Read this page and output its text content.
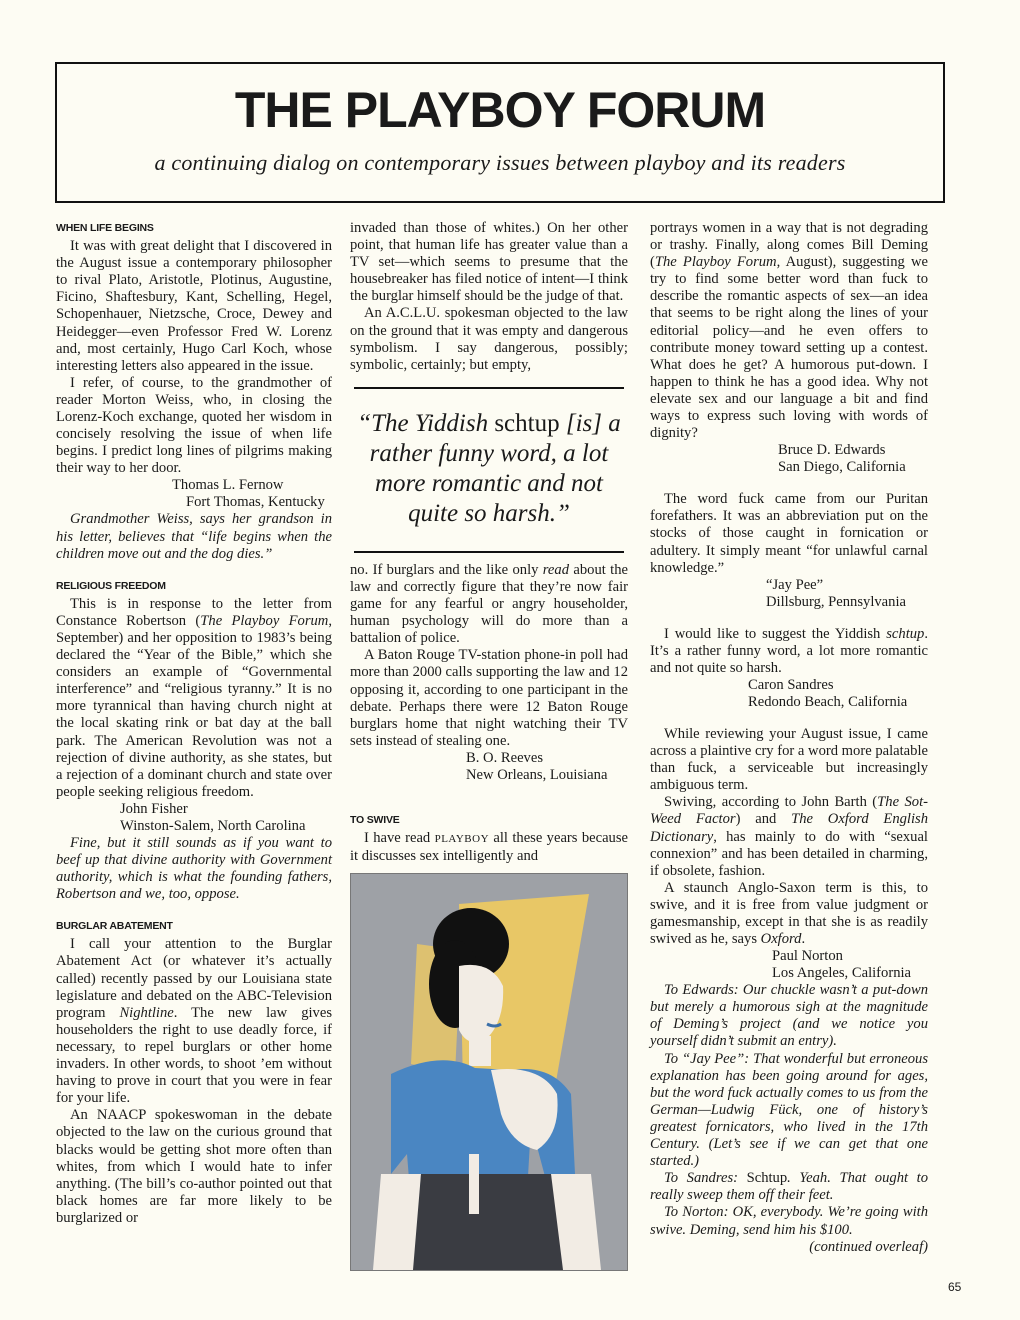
THE PLAYBOY FORUM
a continuing dialog on contemporary issues between playboy and its readers
WHEN LIFE BEGINS

It was with great delight that I discovered in the August issue a contemporary philosopher to rival Plato, Aristotle, Plotinus, Augustine, Ficino, Shaftesbury, Kant, Schelling, Hegel, Schopenhauer, Nietzsche, Croce, Dewey and Heidegger—even Professor Fred W. Lorenz and, most certainly, Hugo Carl Koch, whose interesting letters also appeared in the issue.

I refer, of course, to the grandmother of reader Morton Weiss, who, in closing the Lorenz-Koch exchange, quoted her wisdom in concisely resolving the issue of when life begins. I predict long lines of pilgrims making their way to her door.

Thomas L. Fernow
Fort Thomas, Kentucky

Grandmother Weiss, says her grandson in his letter, believes that “life begins when the children move out and the dog dies.”

RELIGIOUS FREEDOM

This is in response to the letter from Constance Robertson (The Playboy Forum, September) and her opposition to 1983’s being declared the “Year of the Bible,” which she considers an example of “Governmental interference” and “religious tyranny.” It is no more tyrannical than having church night at the local skating rink or bat day at the ball park. The American Revolution was not a rejection of divine authority, as she states, but a rejection of a dominant church and state over people seeking religious freedom.

John Fisher
Winston-Salem, North Carolina

Fine, but it still sounds as if you want to beef up that divine authority with Government authority, which is what the founding fathers, Robertson and we, too, oppose.

BURGLAR ABATEMENT

I call your attention to the Burglar Abatement Act (or whatever it’s actually called) recently passed by our Louisiana state legislature and debated on the ABC-Television program Nightline. The new law gives householders the right to use deadly force, if necessary, to repel burglars or other home invaders. In other words, to shoot ’em without having to prove in court that you were in fear for your life.

An NAACP spokeswoman in the debate objected to the law on the curious ground that blacks would be getting shot more often than whites, from which I would hate to infer anything. (The bill’s co-author pointed out that black homes are far more likely to be burglarized or

invaded than those of whites.) On her other point, that human life has greater value than a TV set—which seems to presume that the housebreaker has filed notice of intent—I think the burglar himself should be the judge of that.

An A.C.L.U. spokesman objected to the law on the ground that it was empty and dangerous symbolism. I say dangerous, possibly; symbolic, certainly; but empty,

“The Yiddish schtup [is] a rather funny word, a lot more romantic and not quite so harsh.”

no. If burglars and the like only read about the law and correctly figure that they’re now fair game for any fearful or angry householder, human psychology will do more than a battalion of police.

A Baton Rouge TV-station phone-in poll had more than 2000 calls supporting the law and 12 opposing it, according to one participant in the debate. Perhaps there were 12 Baton Rouge burglars home that night watching their TV sets instead of stealing one.

B. O. Reeves
New Orleans, Louisiana
TO SWIVE

I have read PLAYBOY all these years because it discusses sex intelligently and

portrays women in a way that is not degrading or trashy. Finally, along comes Bill Deming (The Playboy Forum, August), suggesting we try to find some better word than fuck to describe the romantic aspects of sex—an idea that seems to be right along the lines of your editorial policy—and he even offers to contribute money toward setting up a contest. What does he get? A humorous put-down. I happen to think he has a good idea. Why not elevate sex and our language a bit and find ways to express such loving with words of dignity?

Bruce D. Edwards
San Diego, California

The word fuck came from our Puritan forefathers. It was an abbreviation put on the stocks of those caught in fornication or adultery. It simply meant “for unlawful carnal knowledge.”

“Jay Pee”
Dillsburg, Pennsylvania

I would like to suggest the Yiddish schtup. It’s a rather funny word, a lot more romantic and not quite so harsh.

Caron Sandres
Redondo Beach, California

While reviewing your August issue, I came across a plaintive cry for a word more palatable than fuck, a serviceable but increasingly ambiguous term.

Swiving, according to John Barth (The Sot-Weed Factor) and The Oxford English Dictionary, has mainly to do with “sexual connexion” and has been detailed in charming, if obsolete, fashion.

A staunch Anglo-Saxon term is this, to swive, and it is free from value judgment or gamesmanship, except in that she is as readily swived as he, says Oxford.

Paul Norton
Los Angeles, California

To Edwards: Our chuckle wasn’t a put-down but merely a humorous sigh at the magnitude of Deming’s project (and we notice you yourself didn’t submit an entry).

To “Jay Pee”: That wonderful but erroneous explanation has been going around for ages, but the word fuck actually comes to us from the German—Ludwig Fück, one of history’s greatest fornicators, who lived in the 17th Century. (Let’s see if we can get that one started.)

To Sandres: Schtup. Yeah. That ought to really sweep them off their feet.

To Norton: OK, everybody. We’re going with swive. Deming, send him his $100.

(continued overleaf)
65
